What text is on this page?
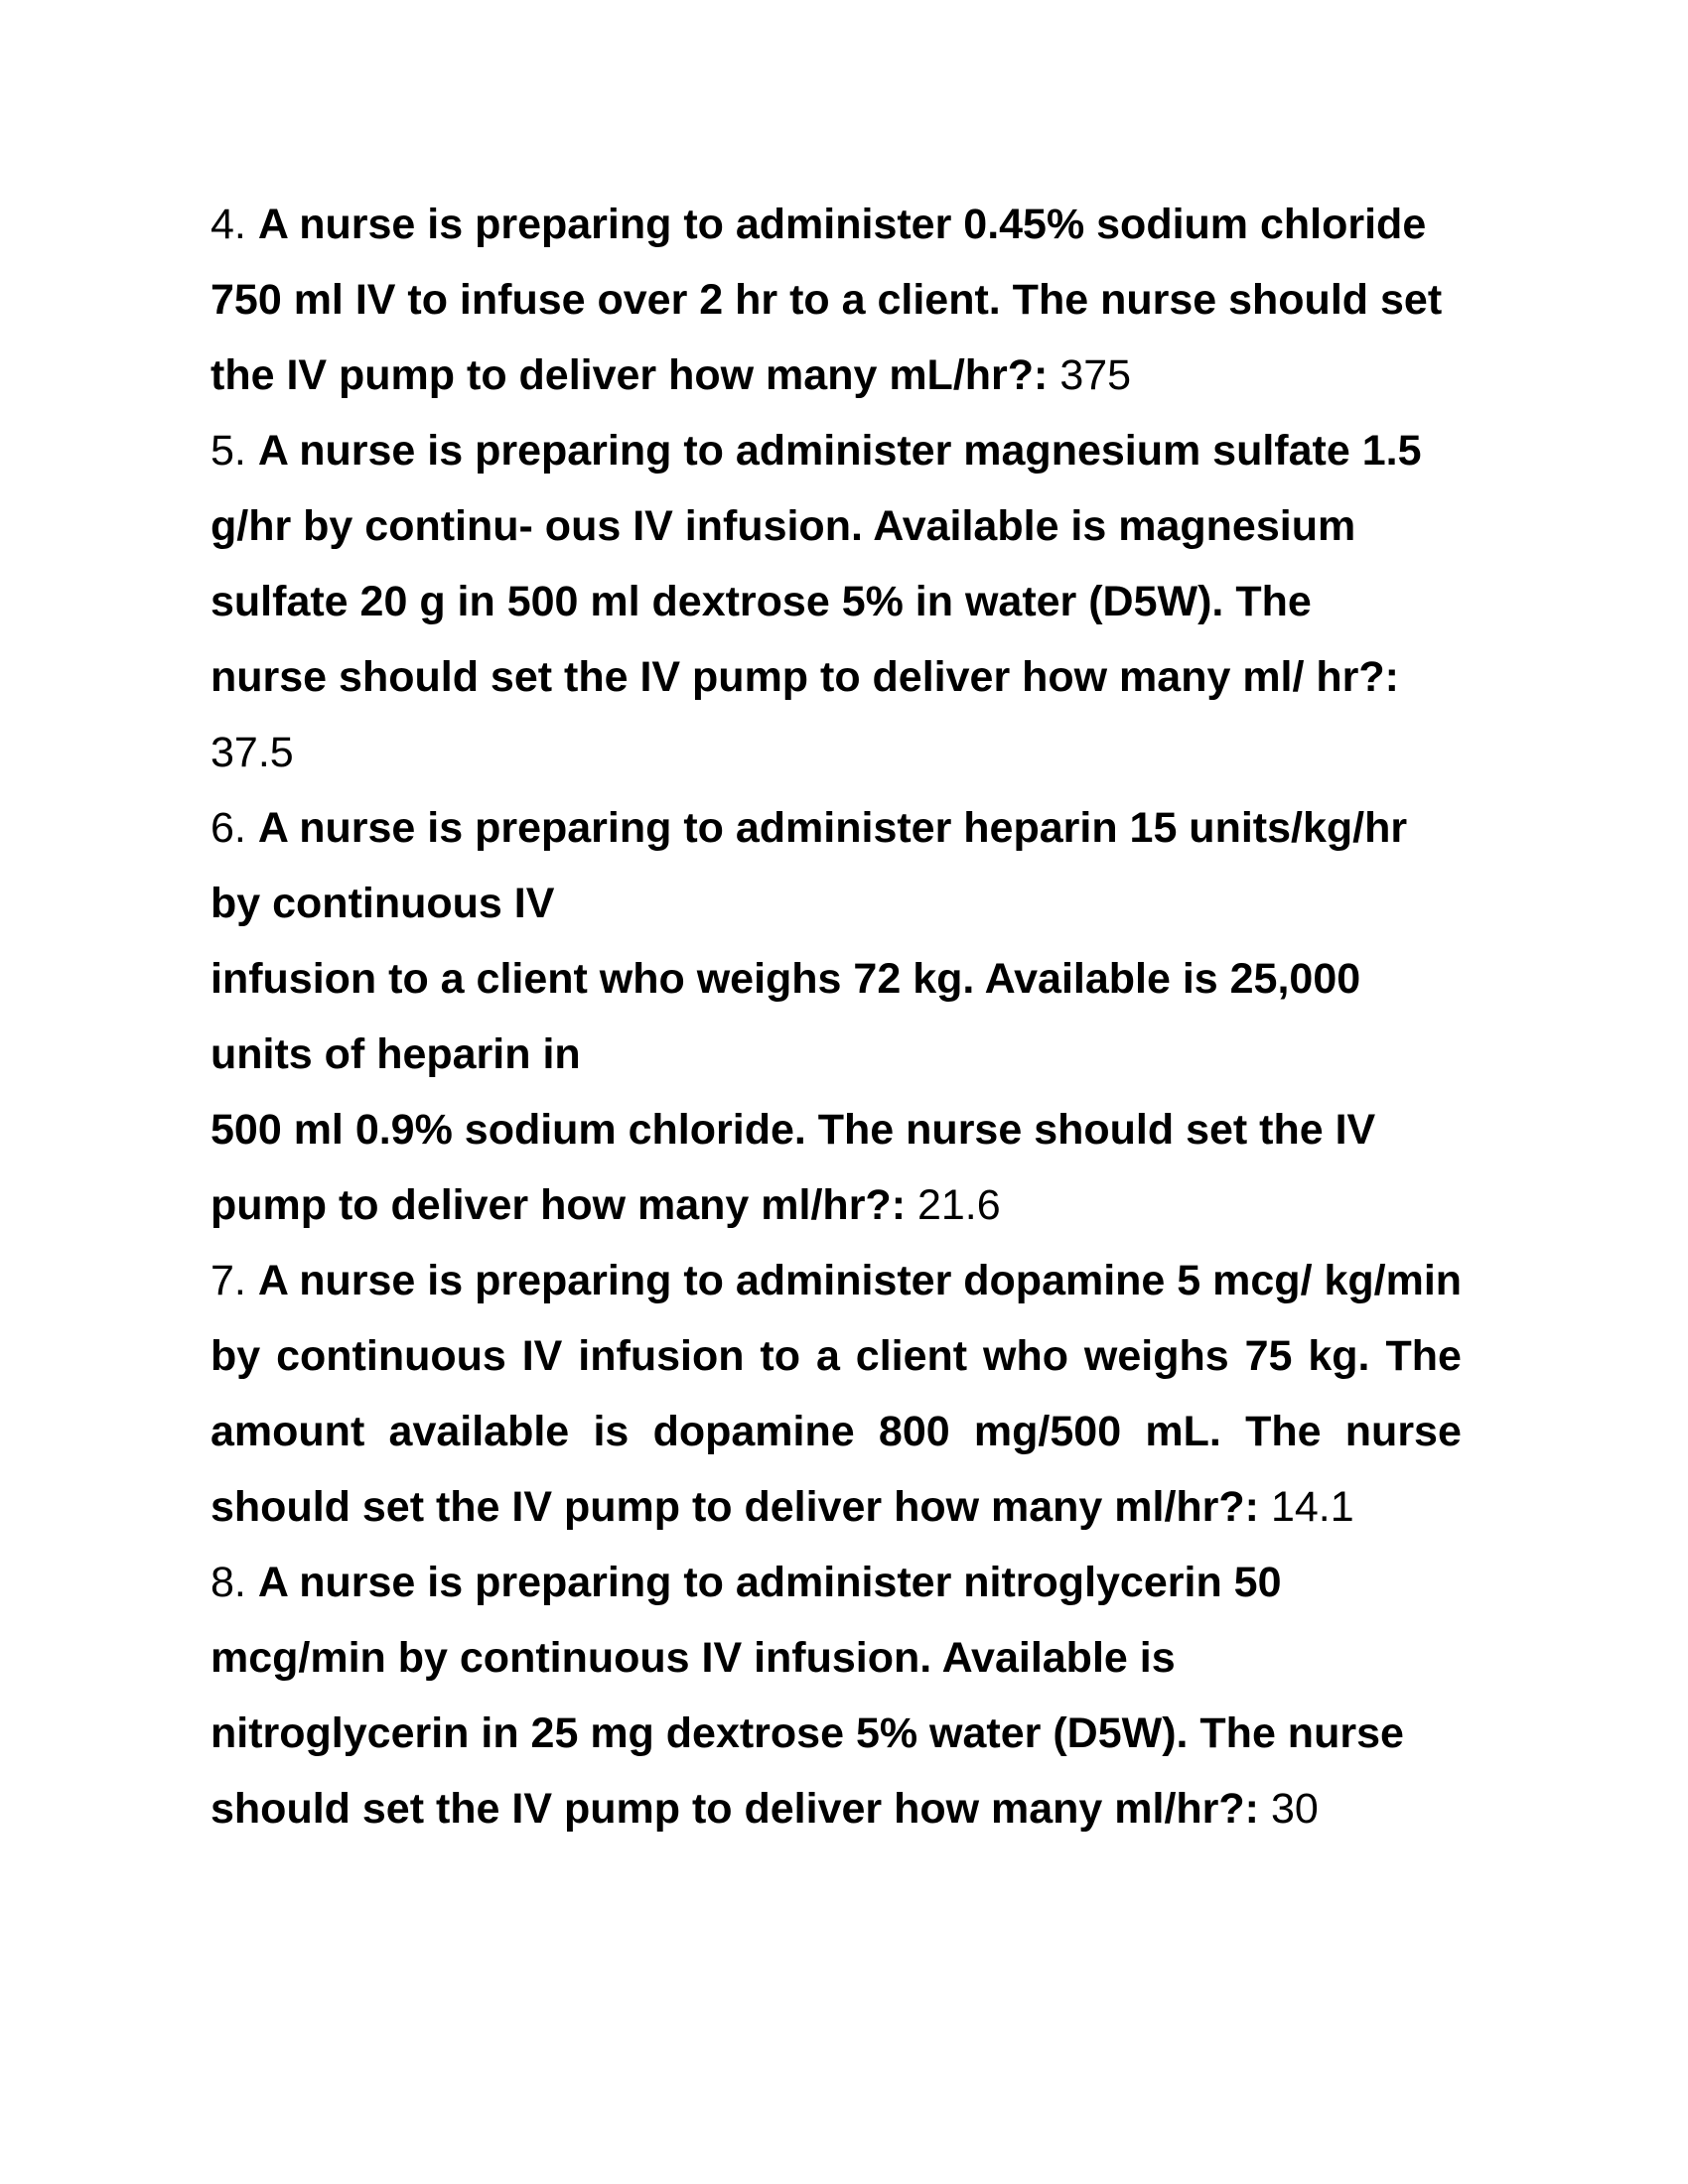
4. A nurse is preparing to administer 0.45% sodium chloride
750 ml IV to infuse over 2 hr to a client. The nurse should set
the IV pump to deliver how many mL/hr?: 375
5. A nurse is preparing to administer magnesium sulfate 1.5
g/hr by continu- ous IV infusion. Available is magnesium
sulfate 20 g in 500 ml dextrose 5% in water (D5W). The
nurse should set the IV pump to deliver how many ml/ hr?:
37.5
6. A nurse is preparing to administer heparin 15 units/kg/hr
by continuous IV
infusion to a client who weighs 72 kg. Available is 25,000
units of heparin in
500 ml 0.9% sodium chloride. The nurse should set the IV
pump to deliver how many ml/hr?: 21.6
7. A nurse is preparing to administer dopamine 5 mcg/ kg/min
by continuous IV infusion to a client who weighs 75 kg. The
amount available is dopamine 800 mg/500 mL. The nurse
should set the IV pump to deliver how many ml/hr?: 14.1
8. A nurse is preparing to administer nitroglycerin 50
mcg/min by continuous IV infusion. Available is
nitroglycerin in 25 mg dextrose 5% water (D5W). The nurse
should set the IV pump to deliver how many ml/hr?: 30
